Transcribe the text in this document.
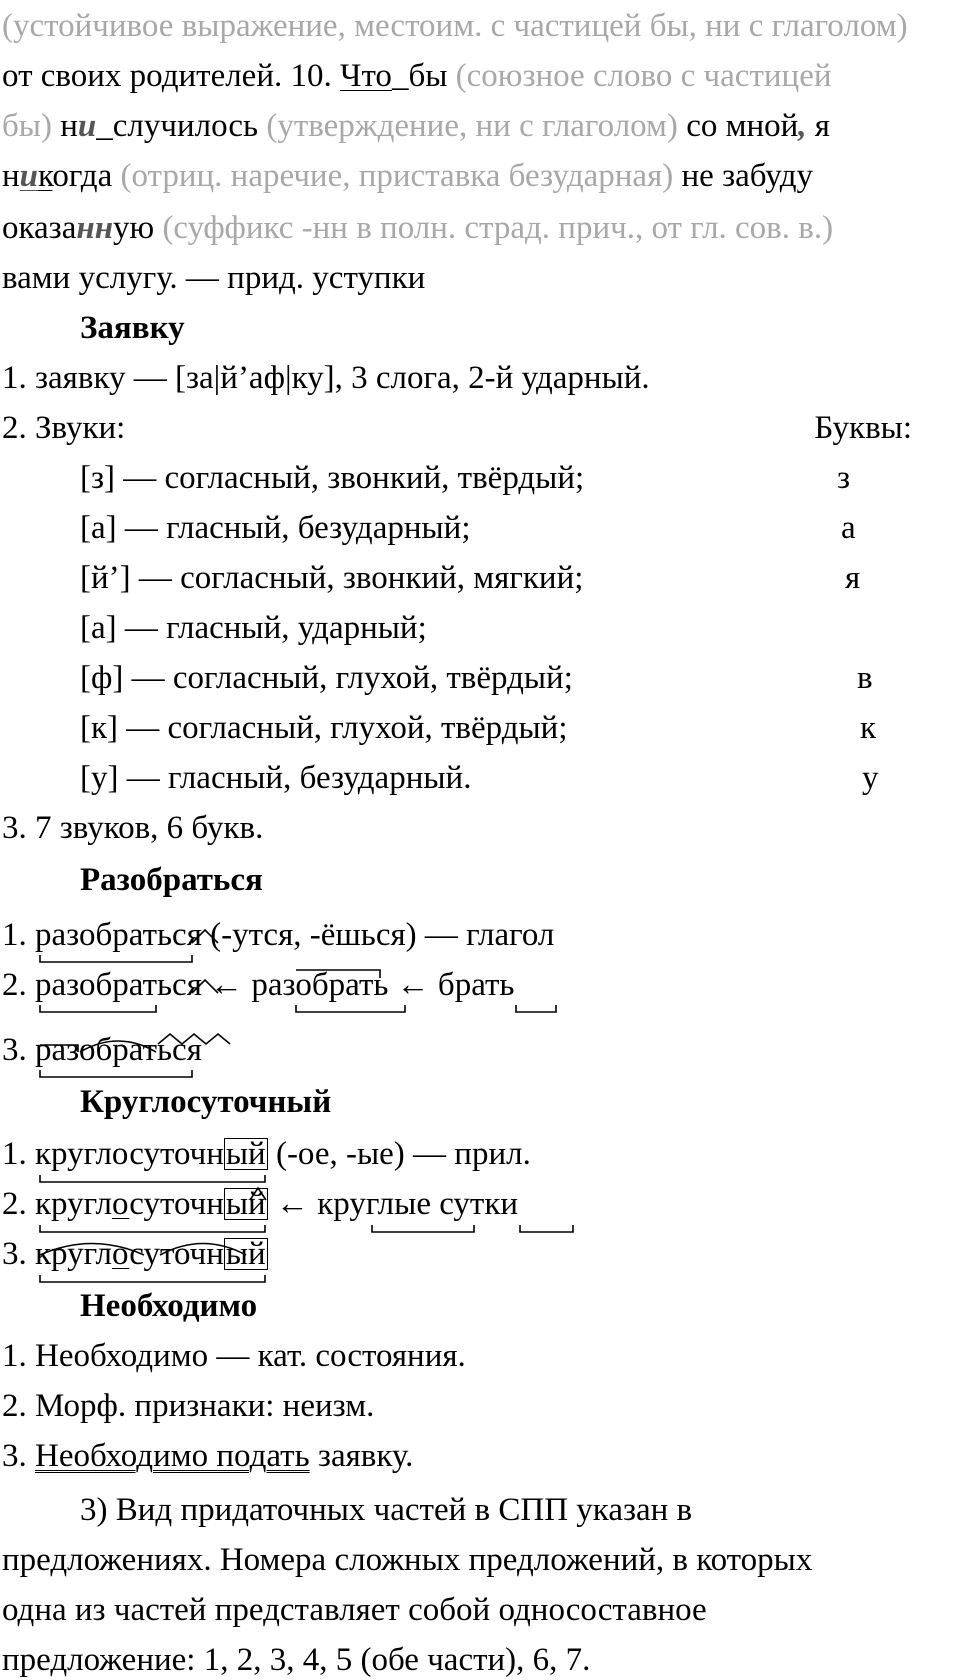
(устойчивое выражение, местоим. с частицей бы, ни с глаголом)
от своих родителей. 10. Что_бы (союзное слово с частицей
бы) ни_случилось (утверждение, ни с глаголом) со мной, я
никогда (отриц. наречие, приставка безударная) не забуду
оказанную (суффикс -нн в полн. страд. прич., от гл. сов. в.)
вами услугу. — прид. уступки
Заявку
1. заявку — [за|й’аф|ку], 3 слога, 2-й ударный.
2. Звуки:	Буквы:
[з] — согласный, звонкий, твёрдый;	з
[а] — гласный, безударный;	а
[й’] — согласный, звонкий, мягкий;	я
[а] — гласный, ударный;
[ф] — согласный, глухой, твёрдый;	в
[к] — согласный, глухой, твёрдый;	к
[у] — гласный, безударный.	у
3. 7 звуков, 6 букв.
Разобраться
1. разобраться (-утся, -ёшься) — глагол
2. разобраться ← разобрать ← брать
3. разобраться
Круглосуточный
1. круглосуточный (-ое, -ые) — прил.
2. круглосуточный ← круглые сутки
3. круглосуточный
Необходимо
1. Необходимо — кат. состояния.
2. Морф. признаки: неизм.
3. Необходимо подать заявку.
3) Вид придаточных частей в СПП указан в
предложениях. Номера сложных предложений, в которых
одна из частей представляет собой односоставное
предложение: 1, 2, 3, 4, 5 (обе части), 6, 7.
